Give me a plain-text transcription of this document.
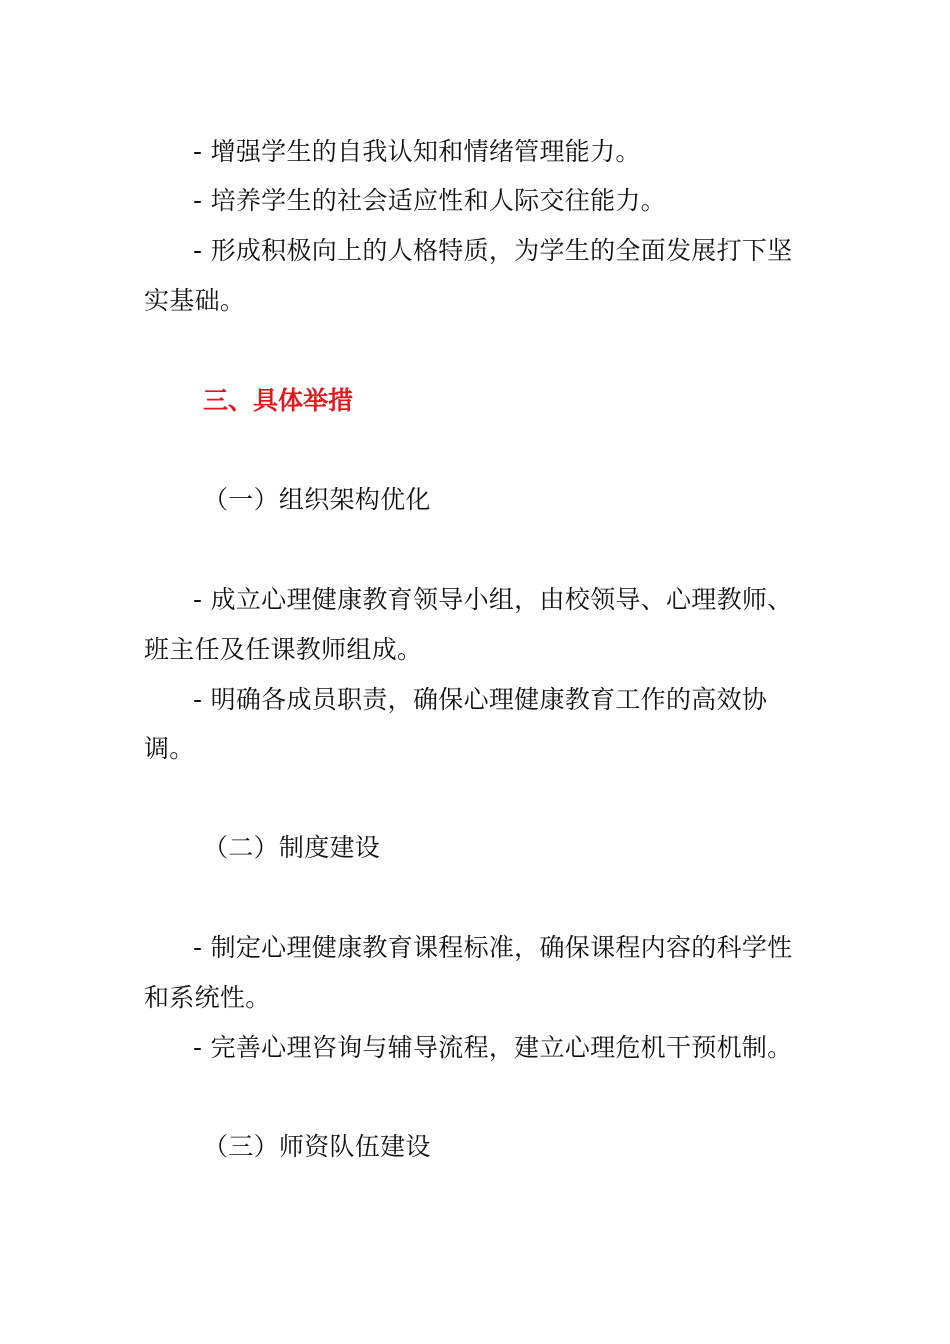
- 增强学生的自我认知和情绪管理能力。
- 培养学生的社会适应性和人际交往能力。
- 形成积极向上的人格特质，为学生的全面发展打下坚
实基础。
三、具体举措
（一）组织架构优化
- 成立心理健康教育领导小组，由校领导、心理教师、
班主任及任课教师组成。
- 明确各成员职责，确保心理健康教育工作的高效协
调。
（二）制度建设
- 制定心理健康教育课程标准，确保课程内容的科学性
和系统性。
- 完善心理咨询与辅导流程，建立心理危机干预机制。
（三）师资队伍建设
